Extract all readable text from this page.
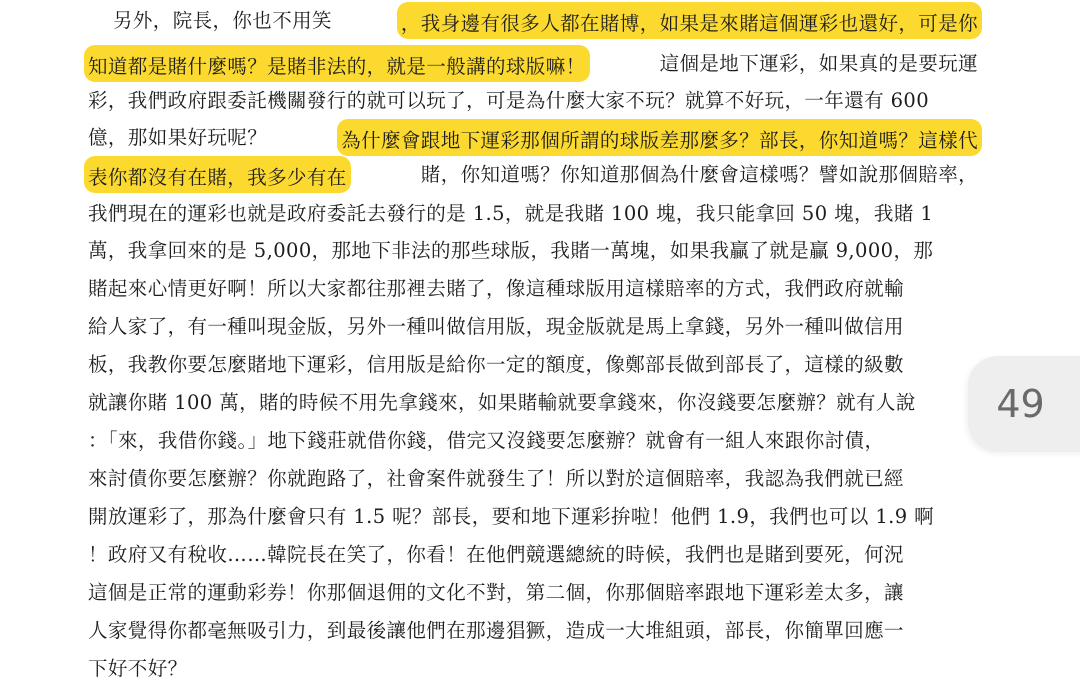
另外，院長，你也不用笑	，我身邊有很多人都在賭博，如果是來賭這個運彩也還好，可是你
知道都是賭什麼嗎？是賭非法的，就是一般講的球版嘛！	這個是地下運彩，如果真的是要玩運
彩，我們政府跟委託機關發行的就可以玩了，可是為什麼大家不玩？就算不好玩，一年還有 600
億，那如果好玩呢？	為什麼會跟地下運彩那個所謂的球版差那麼多？部長，你知道嗎？這樣代
表你都沒有在賭，我多少有在	賭，你知道嗎？你知道那個為什麼會這樣嗎？譬如說那個賠率，
我們現在的運彩也就是政府委託去發行的是 1.5，就是我賭 100 塊，我只能拿回 50 塊，我賭 1
萬，我拿回來的是 5,000，那地下非法的那些球版，我賭一萬塊，如果我贏了就是贏 9,000，那
賭起來心情更好啊！所以大家都往那裡去賭了，像這種球版用這樣賠率的方式，我們政府就輸
給人家了，有一種叫現金版，另外一種叫做信用版，現金版就是馬上拿錢，另外一種叫做信用
板，我教你要怎麼賭地下運彩，信用版是給你一定的額度，像鄭部長做到部長了，這樣的級數
就讓你賭 100 萬，賭的時候不用先拿錢來，如果賭輸就要拿錢來，你沒錢要怎麼辦？就有人說
：「來，我借你錢。」地下錢莊就借你錢，借完又沒錢要怎麼辦？就會有一組人來跟你討債，
來討債你要怎麼辦？你就跑路了，社會案件就發生了！所以對於這個賠率，我認為我們就已經
開放運彩了，那為什麼會只有 1.5 呢？部長，要和地下運彩拚啦！他們 1.9，我們也可以 1.9 啊
！政府又有稅收……韓院長在笑了，你看！在他們競選總統的時候，我們也是賭到要死，何況
這個是正常的運動彩券！你那個退佣的文化不對，第二個，你那個賠率跟地下運彩差太多，讓
人家覺得你都毫無吸引力，到最後讓他們在那邊猖獗，造成一大堆組頭，部長，你簡單回應一
下好不好？
49
